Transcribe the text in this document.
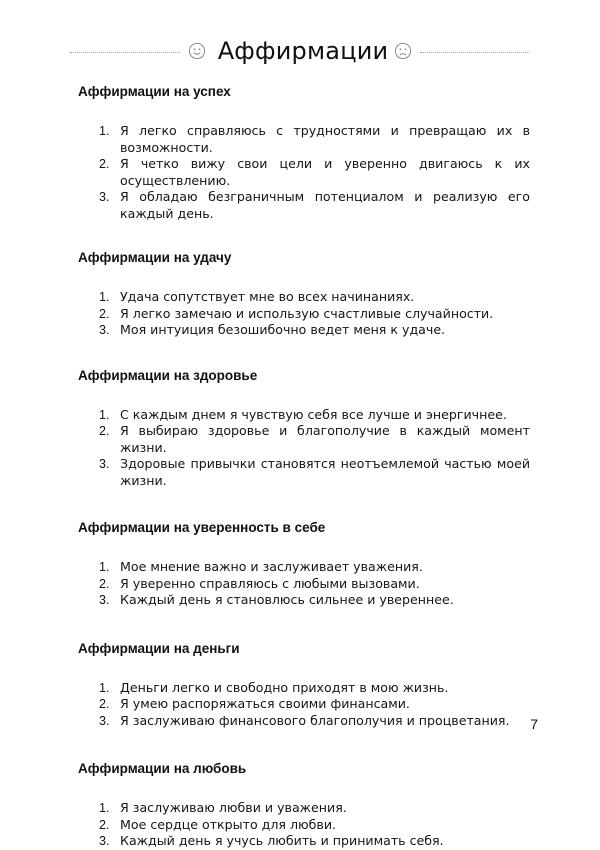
Аффирмации
Аффирмации на успех
1. Я легко справляюсь с трудностями и превращаю их в возможности.
2. Я четко вижу свои цели и уверенно двигаюсь к их осуществлению.
3. Я обладаю безграничным потенциалом и реализую его каждый день.
Аффирмации на удачу
1. Удача сопутствует мне во всех начинаниях.
2. Я легко замечаю и использую счастливые случайности.
3. Моя интуиция безошибочно ведет меня к удаче.
Аффирмации на здоровье
1. С каждым днем я чувствую себя все лучше и энергичнее.
2. Я выбираю здоровье и благополучие в каждый момент жизни.
3. Здоровые привычки становятся неотъемлемой частью моей жизни.
Аффирмации на уверенность в себе
1. Мое мнение важно и заслуживает уважения.
2. Я уверенно справляюсь с любыми вызовами.
3. Каждый день я становлюсь сильнее и увереннее.
Аффирмации на деньги
1. Деньги легко и свободно приходят в мою жизнь.
2. Я умею распоряжаться своими финансами.
3. Я заслуживаю финансового благополучия и процветания.
Аффирмации на любовь
1. Я заслуживаю любви и уважения.
2. Мое сердце открыто для любви.
3. Каждый день я учусь любить и принимать себя.
7
